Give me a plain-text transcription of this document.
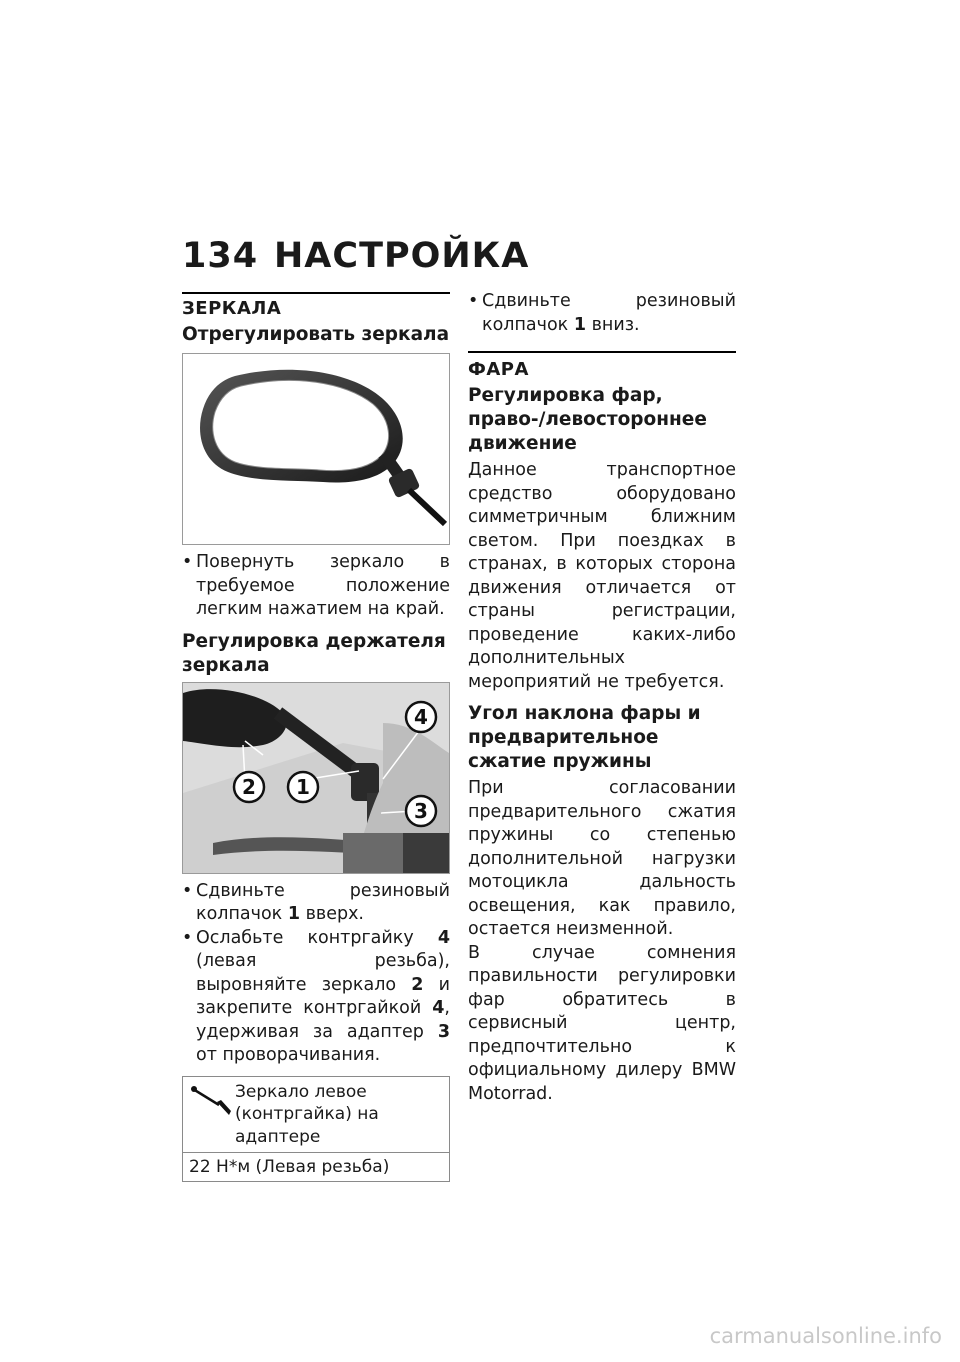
134 НАСТРОЙКА
ЗЕРКАЛА
Отрегулировать зеркала

• Повернуть зеркало в требуемое положение легким нажатием на край.

Регулировка держателя зеркала
2 1
4
3

• Сдвиньте резиновый колпачок 1 вверх.

• Ослабьте контргайку 4 (левая резьба), выровняйте зеркало 2 и закрепите контргайкой 4, удерживая за адаптер 3 от проворачивания.

Зеркало левое (контргайка) на адаптере
22 Н*м (Левая резьба)

• Сдвиньте резиновый колпачок 1 вниз.

ФАРА
Регулировка фар, право-/левостороннее движение

Данное транспортное средство оборудовано симметричным ближним светом. При поездках в странах, в которых сторона движения отличается от страны регистрации, проведение каких-либо дополнительных мероприятий не требуется.

Угол наклона фары и предварительное сжатие пружины

При согласовании предварительного сжатия пружины со степенью дополнительной нагрузки мотоцикла дальность освещения, как правило, остается неизменной.

В случае сомнения правильности регулировки фар обратитесь в сервисный центр, предпочтительно к официальному дилеру BMW Motorrad.

carmanualsonline.info
